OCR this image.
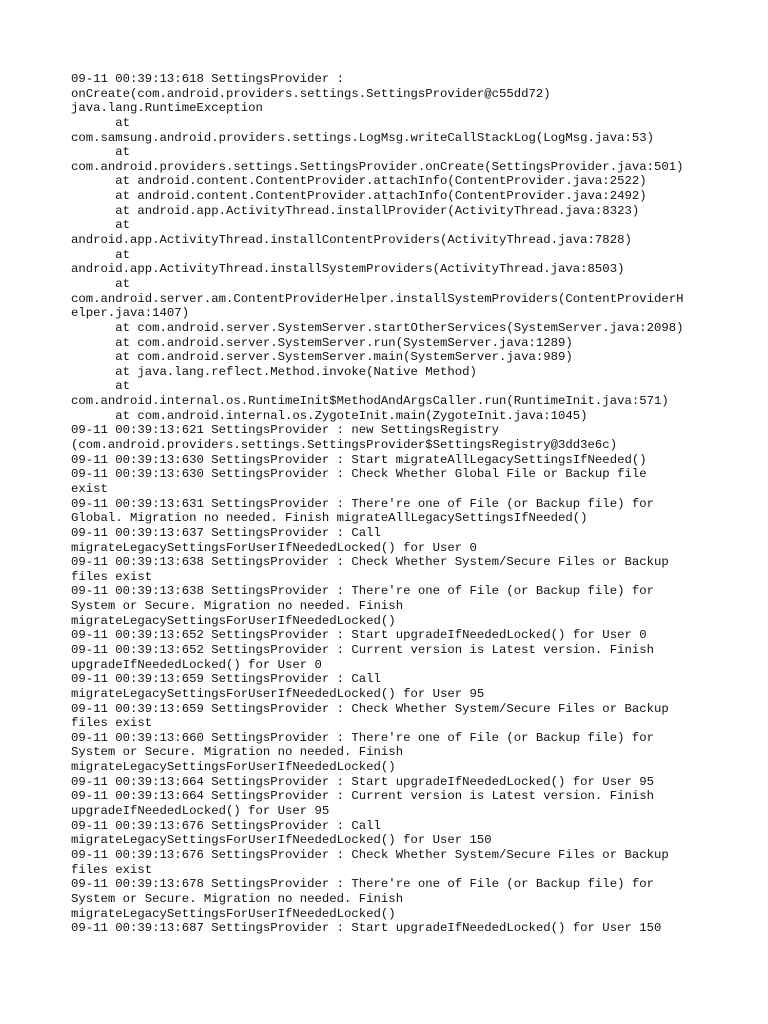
09-11 00:39:13:618 SettingsProvider :
onCreate(com.android.providers.settings.SettingsProvider@c55dd72)
java.lang.RuntimeException
at
com.samsung.android.providers.settings.LogMsg.writeCallStackLog(LogMsg.java:53)
at
com.android.providers.settings.SettingsProvider.onCreate(SettingsProvider.java:501)
at android.content.ContentProvider.attachInfo(ContentProvider.java:2522)
at android.content.ContentProvider.attachInfo(ContentProvider.java:2492)
at android.app.ActivityThread.installProvider(ActivityThread.java:8323)
at
android.app.ActivityThread.installContentProviders(ActivityThread.java:7828)
at
android.app.ActivityThread.installSystemProviders(ActivityThread.java:8503)
at
com.android.server.am.ContentProviderHelper.installSystemProviders(ContentProviderH
elper.java:1407)
at com.android.server.SystemServer.startOtherServices(SystemServer.java:2098)
at com.android.server.SystemServer.run(SystemServer.java:1289)
at com.android.server.SystemServer.main(SystemServer.java:989)
at java.lang.reflect.Method.invoke(Native Method)
at
com.android.internal.os.RuntimeInit$MethodAndArgsCaller.run(RuntimeInit.java:571)
at com.android.internal.os.ZygoteInit.main(ZygoteInit.java:1045)
09-11 00:39:13:621 SettingsProvider : new SettingsRegistry
(com.android.providers.settings.SettingsProvider$SettingsRegistry@3dd3e6c)
09-11 00:39:13:630 SettingsProvider : Start migrateAllLegacySettingsIfNeeded()
09-11 00:39:13:630 SettingsProvider : Check Whether Global File or Backup file
exist
09-11 00:39:13:631 SettingsProvider : There're one of File (or Backup file) for
Global. Migration no needed. Finish migrateAllLegacySettingsIfNeeded()
09-11 00:39:13:637 SettingsProvider : Call
migrateLegacySettingsForUserIfNeededLocked() for User 0
09-11 00:39:13:638 SettingsProvider : Check Whether System/Secure Files or Backup
files exist
09-11 00:39:13:638 SettingsProvider : There're one of File (or Backup file) for
System or Secure. Migration no needed. Finish
migrateLegacySettingsForUserIfNeededLocked()
09-11 00:39:13:652 SettingsProvider : Start upgradeIfNeededLocked() for User 0
09-11 00:39:13:652 SettingsProvider : Current version is Latest version. Finish
upgradeIfNeededLocked() for User 0
09-11 00:39:13:659 SettingsProvider : Call
migrateLegacySettingsForUserIfNeededLocked() for User 95
09-11 00:39:13:659 SettingsProvider : Check Whether System/Secure Files or Backup
files exist
09-11 00:39:13:660 SettingsProvider : There're one of File (or Backup file) for
System or Secure. Migration no needed. Finish
migrateLegacySettingsForUserIfNeededLocked()
09-11 00:39:13:664 SettingsProvider : Start upgradeIfNeededLocked() for User 95
09-11 00:39:13:664 SettingsProvider : Current version is Latest version. Finish
upgradeIfNeededLocked() for User 95
09-11 00:39:13:676 SettingsProvider : Call
migrateLegacySettingsForUserIfNeededLocked() for User 150
09-11 00:39:13:676 SettingsProvider : Check Whether System/Secure Files or Backup
files exist
09-11 00:39:13:678 SettingsProvider : There're one of File (or Backup file) for
System or Secure. Migration no needed. Finish
migrateLegacySettingsForUserIfNeededLocked()
09-11 00:39:13:687 SettingsProvider : Start upgradeIfNeededLocked() for User 150
